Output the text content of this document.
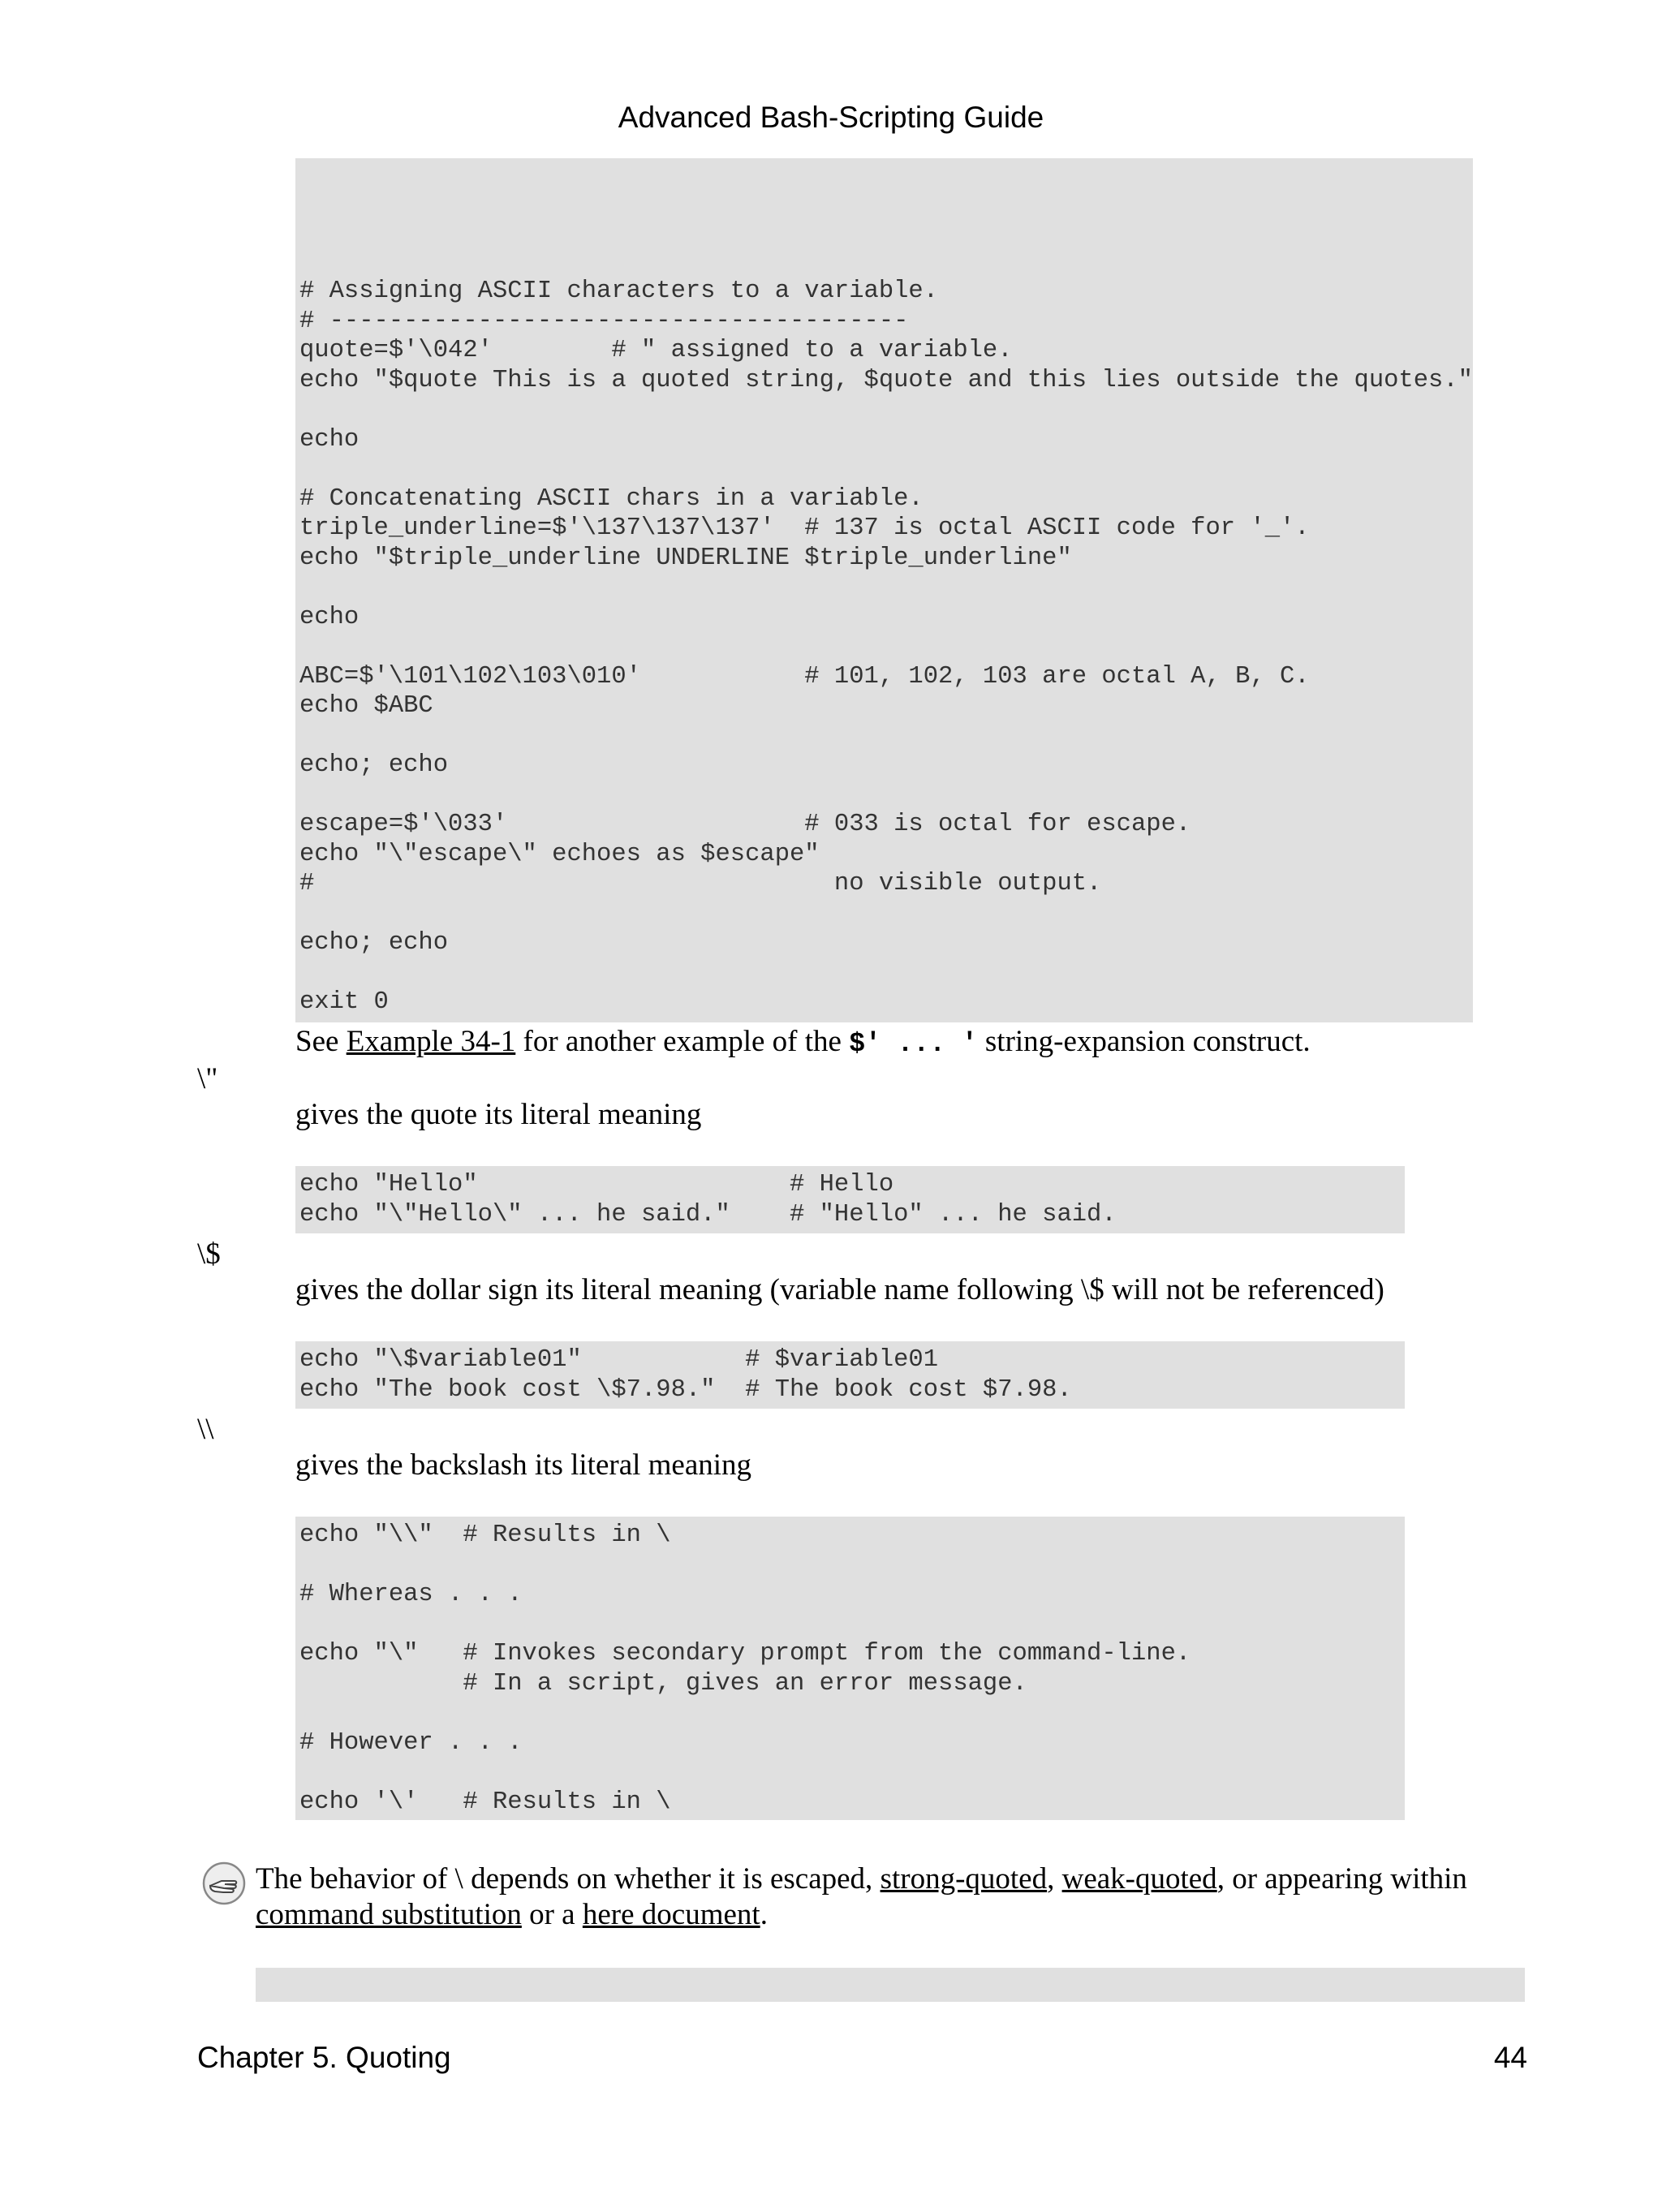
Advanced Bash-Scripting Guide

# Assigning ASCII characters to a variable.
# ---------------------------------------
quote=$'\042'        # " assigned to a variable.
echo "$quote This is a quoted string, $quote and this lies outside the quotes."

echo

# Concatenating ASCII chars in a variable.
triple_underline=$'\137\137\137'  # 137 is octal ASCII code for '_'.
echo "$triple_underline UNDERLINE $triple_underline"

echo

ABC=$'\101\102\103\010'           # 101, 102, 103 are octal A, B, C.
echo $ABC

echo; echo

escape=$'\033'                    # 033 is octal for escape.
echo "\"escape\" echoes as $escape"
#                                   no visible output.

echo; echo

exit 0
See Example 34-1 for another example of the $' ... ' string-expansion construct.
\"
gives the quote its literal meaning
echo "Hello"                     # Hello
echo "\"Hello\" ... he said."    # "Hello" ... he said.
\$
gives the dollar sign its literal meaning (variable name following \$ will not be referenced)
echo "\$variable01"           # $variable01
echo "The book cost \$7.98."  # The book cost $7.98.
\\
gives the backslash its literal meaning
echo "\\"  # Results in \

# Whereas . . .

echo "\"   # Invokes secondary prompt from the command-line.
# In a script, gives an error message.

# However . . .

echo '\'   # Results in \
The behavior of \ depends on whether it is escaped, strong-quoted, weak-quoted, or appearing within
command substitution or a here document.
Chapter 5. Quoting	44
